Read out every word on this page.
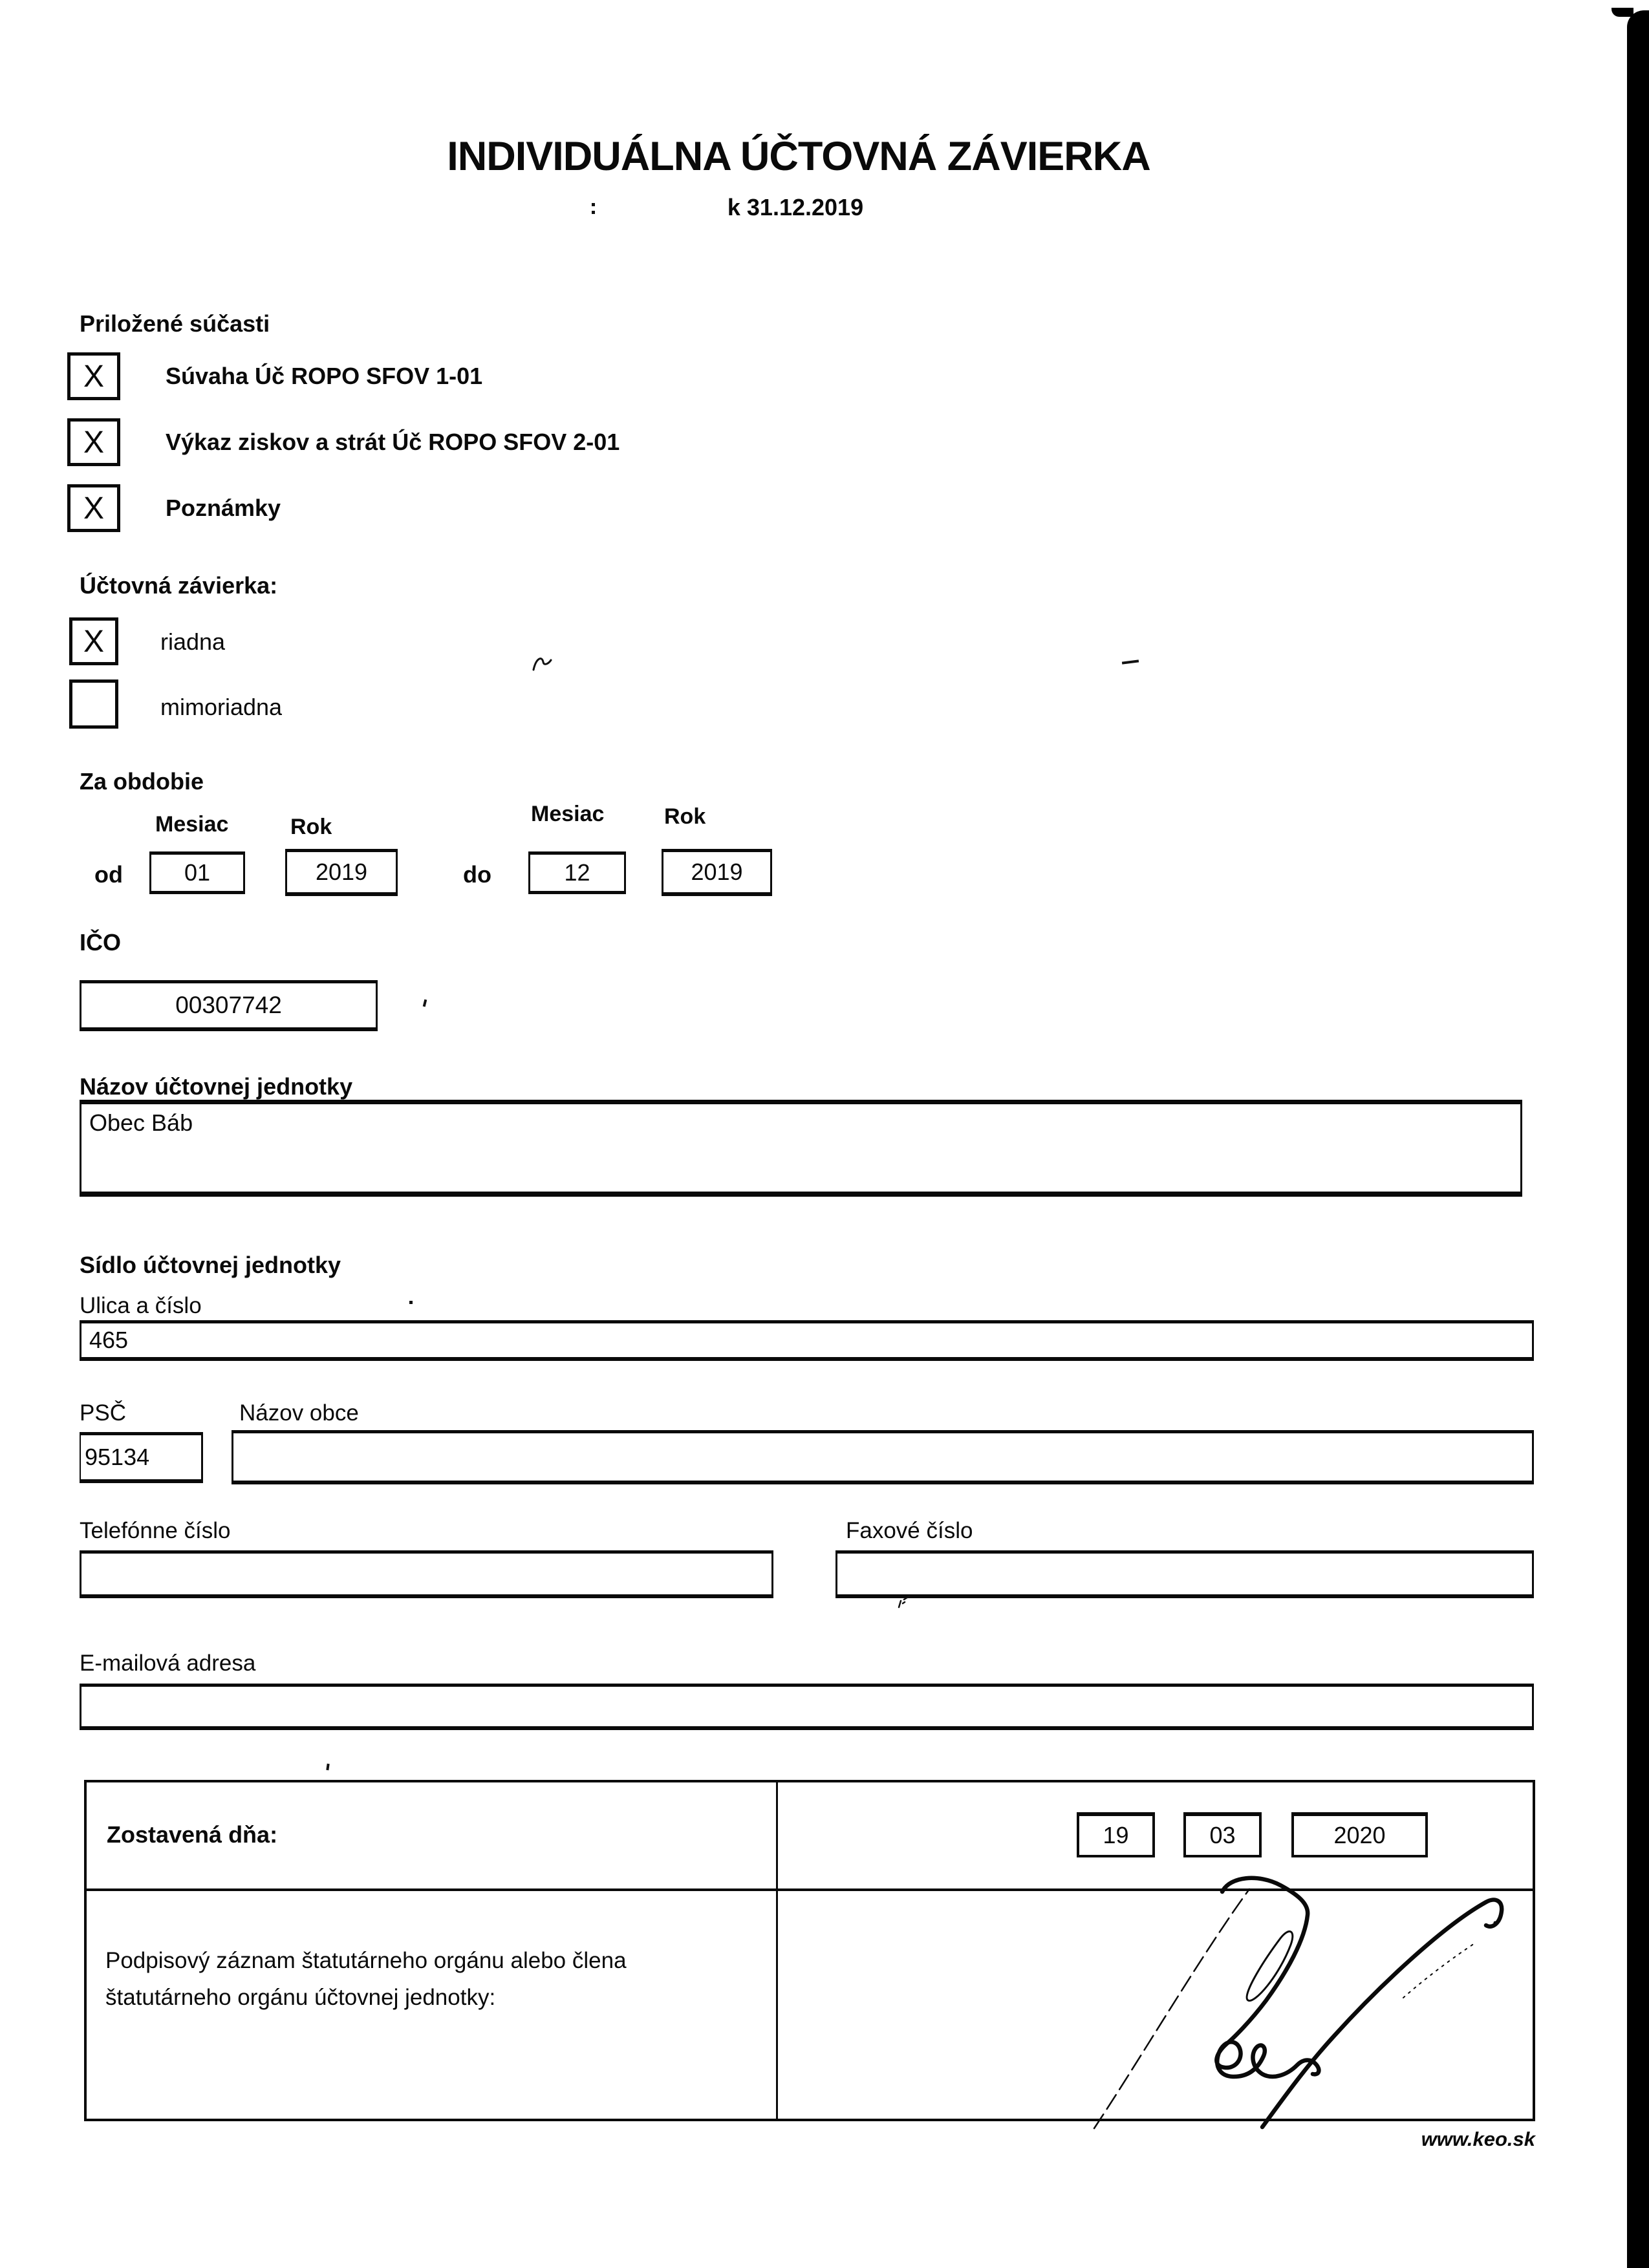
INDIVIDUÁLNA ÚČTOVNÁ ZÁVIERKA
k 31.12.2019
Priložené súčasti
X	Súvaha Úč ROPO SFOV 1-01
X	Výkaz ziskov a strát Úč ROPO SFOV 2-01
X	Poznámky
Účtovná závierka:
X riadna
mimoriadna
Za obdobie
Mesiac	Rok
Mesiac	Rok
od	01	2019	do	12	2019
IČO
00307742
Názov účtovnej jednotky
Obec Báb
Sídlo účtovnej jednotky
Ulica a číslo
465
PSČ	Názov obce
95134
Telefónne číslo	Faxové číslo
E-mailová adresa
Zostavená dňa:	19	03	2020
Podpisový záznam štatutárneho orgánu alebo člena
štatutárneho orgánu účtovnej jednotky:
www.keo.sk
